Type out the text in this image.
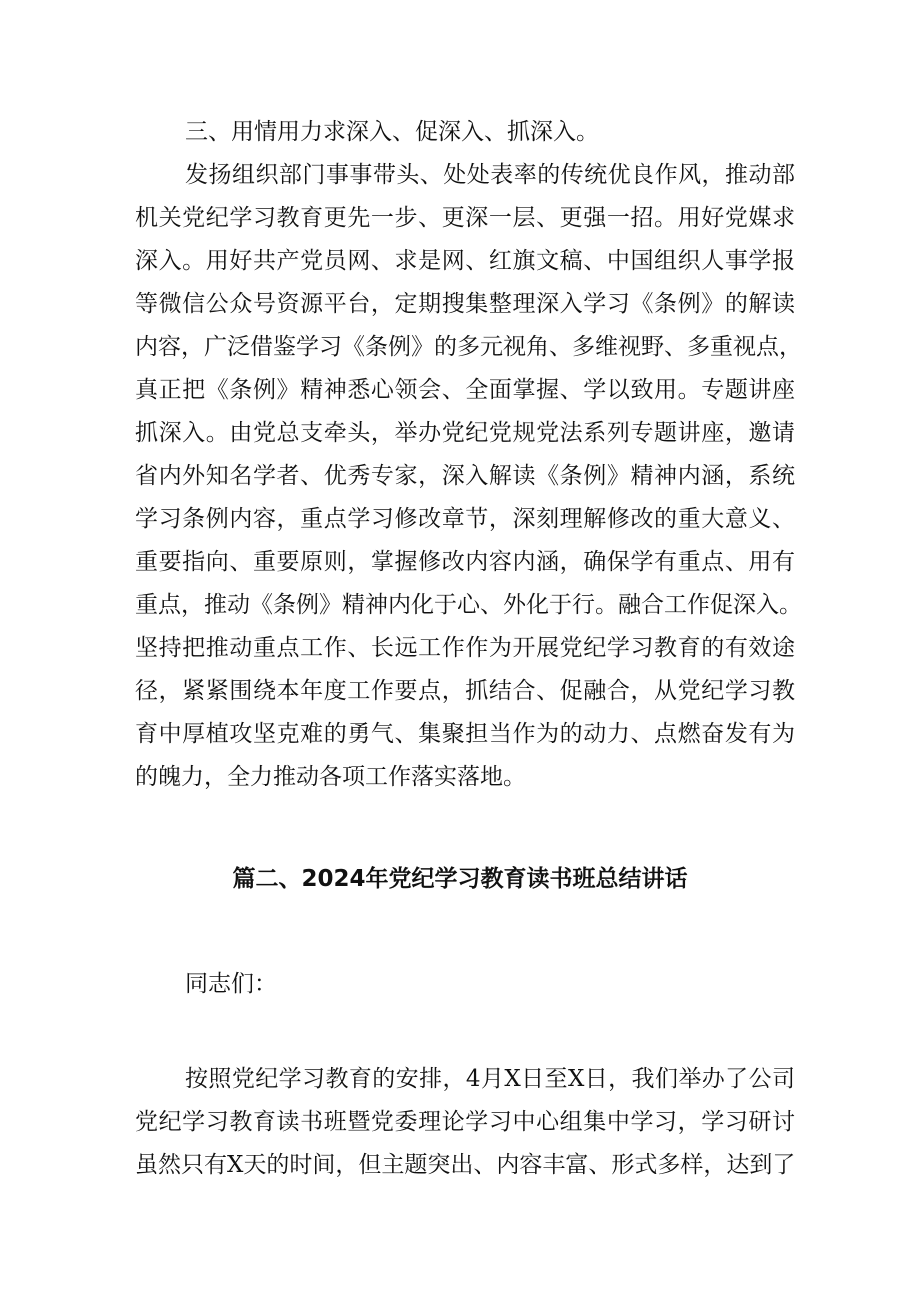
三、用情用力求深入、促深入、抓深入。
发扬组织部门事事带头、处处表率的传统优良作风，推动部
机关党纪学习教育更先一步、更深一层、更强一招。用好党媒求
深入。用好共产党员网、求是网、红旗文稿、中国组织人事学报
等微信公众号资源平台，定期搜集整理深入学习《条例》的解读
内容，广泛借鉴学习《条例》的多元视角、多维视野、多重视点，
真正把《条例》精神悉心领会、全面掌握、学以致用。专题讲座
抓深入。由党总支牵头，举办党纪党规党法系列专题讲座，邀请
省内外知名学者、优秀专家，深入解读《条例》精神内涵，系统
学习条例内容，重点学习修改章节，深刻理解修改的重大意义、
重要指向、重要原则，掌握修改内容内涵，确保学有重点、用有
重点，推动《条例》精神内化于心、外化于行。融合工作促深入。
坚持把推动重点工作、长远工作作为开展党纪学习教育的有效途
径，紧紧围绕本年度工作要点，抓结合、促融合，从党纪学习教
育中厚植攻坚克难的勇气、集聚担当作为的动力、点燃奋发有为
的魄力，全力推动各项工作落实落地。
篇二、2024年党纪学习教育读书班总结讲话
同志们：
按照党纪学习教育的安排，4月X日至X日，我们举办了公司
党纪学习教育读书班暨党委理论学习中心组集中学习，学习研讨
虽然只有X天的时间，但主题突出、内容丰富、形式多样，达到了
